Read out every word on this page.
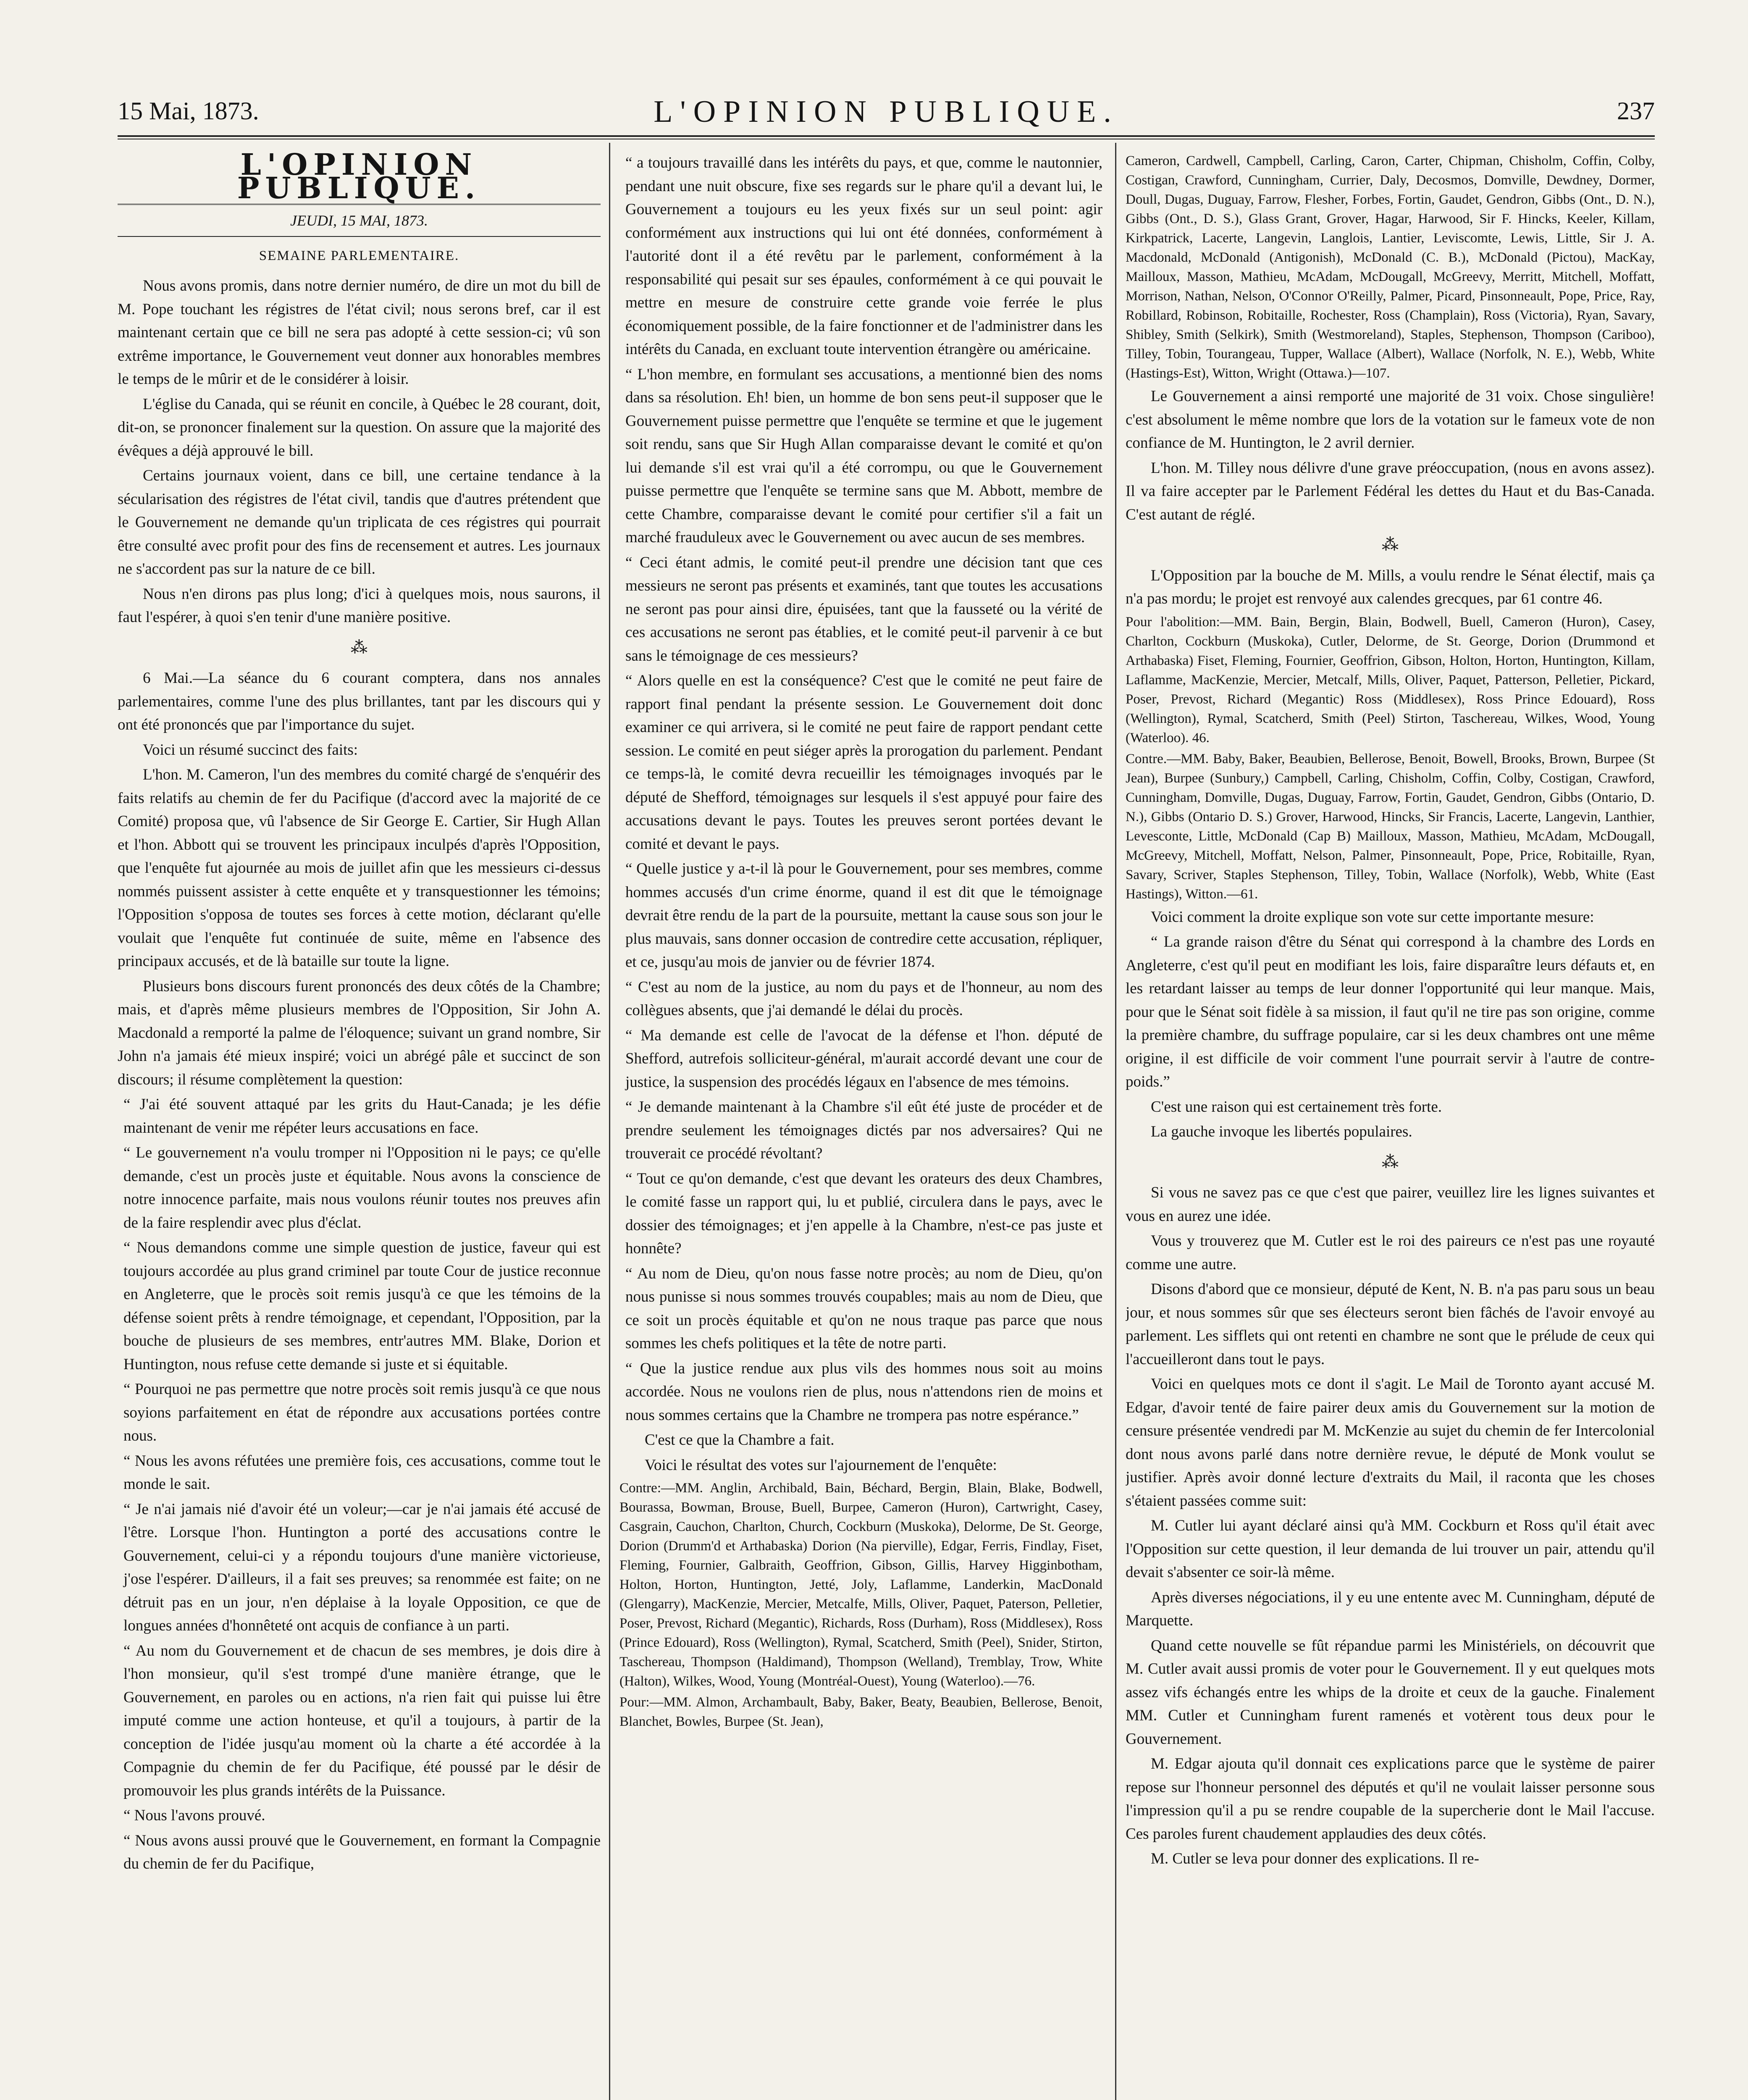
15 Mai, 1873.	L'OPINION PUBLIQUE.	237
L'OPINION PUBLIQUE.
JEUDI, 15 MAI, 1873.
SEMAINE PARLEMENTAIRE.

Nous avons promis, dans notre dernier numéro, de dire un mot du bill de M. Pope touchant les régistres de l'état civil; nous serons bref, car il est maintenant certain que ce bill ne sera pas adopté à cette session-ci; vû son extrême importance, le Gouvernement veut donner aux honorables membres le temps de le mûrir et de le considérer à loisir.

L'église du Canada, qui se réunit en concile, à Québec le 28 courant, doit, dit-on, se prononcer finalement sur la question. On assure que la majorité des évêques a déjà approuvé le bill.

Certains journaux voient, dans ce bill, une certaine tendance à la sécularisation des régistres de l'état civil, tandis que d'autres prétendent que le Gouvernement ne demande qu'un triplicata de ces régistres qui pourrait être consulté avec profit pour des fins de recensement et autres. Les journaux ne s'accordent pas sur la nature de ce bill.

Nous n'en dirons pas plus long; d'ici à quelques mois, nous saurons, il faut l'espérer, à quoi s'en tenir d'une manière positive.

⁂

6 Mai.—La séance du 6 courant comptera, dans nos annales parlementaires, comme l'une des plus brillantes, tant par les discours qui y ont été prononcés que par l'importance du sujet.

Voici un résumé succinct des faits:

L'hon. M. Cameron, l'un des membres du comité chargé de s'enquérir des faits relatifs au chemin de fer du Pacifique (d'accord avec la majorité de ce Comité) proposa que, vû l'absence de Sir George E. Cartier, Sir Hugh Allan et l'hon. Abbott qui se trouvent les principaux inculpés d'après l'Opposition, que l'enquête fut ajournée au mois de juillet afin que les messieurs ci-dessus nommés puissent assister à cette enquête et y transquestionner les témoins; l'Opposition s'opposa de toutes ses forces à cette motion, déclarant qu'elle voulait que l'enquête fut continuée de suite, même en l'absence des principaux accusés, et de là bataille sur toute la ligne.

Plusieurs bons discours furent prononcés des deux côtés de la Chambre; mais, et d'après même plusieurs membres de l'Opposition, Sir John A. Macdonald a remporté la palme de l'éloquence; suivant un grand nombre, Sir John n'a jamais été mieux inspiré; voici un abrégé pâle et succinct de son discours; il résume complètement la question:

“ J'ai été souvent attaqué par les grits du Haut-Canada; je les défie maintenant de venir me répéter leurs accusations en face.

“ Le gouvernement n'a voulu tromper ni l'Opposition ni le pays; ce qu'elle demande, c'est un procès juste et équitable. Nous avons la conscience de notre innocence parfaite, mais nous voulons réunir toutes nos preuves afin de la faire resplendir avec plus d'éclat.

“ Nous demandons comme une simple question de justice, faveur qui est toujours accordée au plus grand criminel par toute Cour de justice reconnue en Angleterre, que le procès soit remis jusqu'à ce que les témoins de la défense soient prêts à rendre témoignage, et cependant, l'Opposition, par la bouche de plusieurs de ses membres, entr'autres MM. Blake, Dorion et Huntington, nous refuse cette demande si juste et si équitable.

“ Pourquoi ne pas permettre que notre procès soit remis jusqu'à ce que nous soyions parfaitement en état de répondre aux accusations portées contre nous.

“ Nous les avons réfutées une première fois, ces accusations, comme tout le monde le sait.

“ Je n'ai jamais nié d'avoir été un voleur;—car je n'ai jamais été accusé de l'être. Lorsque l'hon. Huntington a porté des accusations contre le Gouvernement, celui-ci y a répondu toujours d'une manière victorieuse, j'ose l'espérer. D'ailleurs, il a fait ses preuves; sa renommée est faite; on ne détruit pas en un jour, n'en déplaise à la loyale Opposition, ce que de longues années d'honnêteté ont acquis de confiance à un parti.

“ Au nom du Gouvernement et de chacun de ses membres, je dois dire à l'hon monsieur, qu'il s'est trompé d'une manière étrange, que le Gouvernement, en paroles ou en actions, n'a rien fait qui puisse lui être imputé comme une action honteuse, et qu'il a toujours, à partir de la conception de l'idée jusqu'au moment où la charte a été accordée à la Compagnie du chemin de fer du Pacifique, été poussé par le désir de promouvoir les plus grands intérêts de la Puissance.

“ Nous l'avons prouvé.

“ Nous avons aussi prouvé que le Gouvernement, en formant la Compagnie du chemin de fer du Pacifique,

“ a toujours travaillé dans les intérêts du pays, et que, comme le nautonnier, pendant une nuit obscure, fixe ses regards sur le phare qu'il a devant lui, le Gouvernement a toujours eu les yeux fixés sur un seul point: agir conformément aux instructions qui lui ont été données, conformément à l'autorité dont il a été revêtu par le parlement, conformément à la responsabilité qui pesait sur ses épaules, conformément à ce qui pouvait le mettre en mesure de construire cette grande voie ferrée le plus économiquement possible, de la faire fonctionner et de l'administrer dans les intérêts du Canada, en excluant toute intervention étrangère ou américaine.

“ L'hon membre, en formulant ses accusations, a mentionné bien des noms dans sa résolution. Eh! bien, un homme de bon sens peut-il supposer que le Gouvernement puisse permettre que l'enquête se termine et que le jugement soit rendu, sans que Sir Hugh Allan comparaisse devant le comité et qu'on lui demande s'il est vrai qu'il a été corrompu, ou que le Gouvernement puisse permettre que l'enquête se termine sans que M. Abbott, membre de cette Chambre, comparaisse devant le comité pour certifier s'il a fait un marché frauduleux avec le Gouvernement ou avec aucun de ses membres.

“ Ceci étant admis, le comité peut-il prendre une décision tant que ces messieurs ne seront pas présents et examinés, tant que toutes les accusations ne seront pas pour ainsi dire, épuisées, tant que la fausseté ou la vérité de ces accusations ne seront pas établies, et le comité peut-il parvenir à ce but sans le témoignage de ces messieurs?

“ Alors quelle en est la conséquence? C'est que le comité ne peut faire de rapport final pendant la présente session. Le Gouvernement doit donc examiner ce qui arrivera, si le comité ne peut faire de rapport pendant cette session. Le comité en peut siéger après la prorogation du parlement. Pendant ce temps-là, le comité devra recueillir les témoignages invoqués par le député de Shefford, témoignages sur lesquels il s'est appuyé pour faire des accusations devant le pays. Toutes les preuves seront portées devant le comité et devant le pays.

“ Quelle justice y a-t-il là pour le Gouvernement, pour ses membres, comme hommes accusés d'un crime énorme, quand il est dit que le témoignage devrait être rendu de la part de la poursuite, mettant la cause sous son jour le plus mauvais, sans donner occasion de contredire cette accusation, répliquer, et ce, jusqu'au mois de janvier ou de février 1874.

“ C'est au nom de la justice, au nom du pays et de l'honneur, au nom des collègues absents, que j'ai demandé le délai du procès.

“ Ma demande est celle de l'avocat de la défense et l'hon. député de Shefford, autrefois solliciteur-général, m'aurait accordé devant une cour de justice, la suspension des procédés légaux en l'absence de mes témoins.

“ Je demande maintenant à la Chambre s'il eût été juste de procéder et de prendre seulement les témoignages dictés par nos adversaires? Qui ne trouverait ce procédé révoltant?

“ Tout ce qu'on demande, c'est que devant les orateurs des deux Chambres, le comité fasse un rapport qui, lu et publié, circulera dans le pays, avec le dossier des témoignages; et j'en appelle à la Chambre, n'est-ce pas juste et honnête?

“ Au nom de Dieu, qu'on nous fasse notre procès; au nom de Dieu, qu'on nous punisse si nous sommes trouvés coupables; mais au nom de Dieu, que ce soit un procès équitable et qu'on ne nous traque pas parce que nous sommes les chefs politiques et la tête de notre parti.

“ Que la justice rendue aux plus vils des hommes nous soit au moins accordée. Nous ne voulons rien de plus, nous n'attendons rien de moins et nous sommes certains que la Chambre ne trompera pas notre espérance.”

C'est ce que la Chambre a fait.

Voici le résultat des votes sur l'ajournement de l'enquête:

Contre:—MM. Anglin, Archibald, Bain, Béchard, Bergin, Blain, Blake, Bodwell, Bourassa, Bowman, Brouse, Buell, Burpee, Cameron (Huron), Cartwright, Casey, Casgrain, Cauchon, Charlton, Church, Cockburn (Muskoka), Delorme, De St. George, Dorion (Drumm'd et Arthabaska) Dorion (Na pierville), Edgar, Ferris, Findlay, Fiset, Fleming, Fournier, Galbraith, Geoffrion, Gibson, Gillis, Harvey Higginbotham, Holton, Horton, Huntington, Jetté, Joly, Laflamme, Landerkin, MacDonald (Glengarry), MacKenzie, Mercier, Metcalfe, Mills, Oliver, Paquet, Paterson, Pelletier, Poser, Prevost, Richard (Megantic), Richards, Ross (Durham), Ross (Middlesex), Ross (Prince Edouard), Ross (Wellington), Rymal, Scatcherd, Smith (Peel), Snider, Stirton, Taschereau, Thompson (Haldimand), Thompson (Welland), Tremblay, Trow, White (Halton), Wilkes, Wood, Young (Montréal-Ouest), Young (Waterloo).—76.

Pour:—MM. Almon, Archambault, Baby, Baker, Beaty, Beaubien, Bellerose, Benoit, Blanchet, Bowles, Burpee (St. Jean),

Cameron, Cardwell, Campbell, Carling, Caron, Carter, Chipman, Chisholm, Coffin, Colby, Costigan, Crawford, Cunningham, Currier, Daly, Decosmos, Domville, Dewdney, Dormer, Doull, Dugas, Duguay, Farrow, Flesher, Forbes, Fortin, Gaudet, Gendron, Gibbs (Ont., D. N.), Gibbs (Ont., D. S.), Glass Grant, Grover, Hagar, Harwood, Sir F. Hincks, Keeler, Killam, Kirkpatrick, Lacerte, Langevin, Langlois, Lantier, Leviscomte, Lewis, Little, Sir J. A. Macdonald, McDonald (Antigonish), McDonald (C. B.), McDonald (Pictou), MacKay, Mailloux, Masson, Mathieu, McAdam, McDougall, McGreevy, Merritt, Mitchell, Moffatt, Morrison, Nathan, Nelson, O'Connor O'Reilly, Palmer, Picard, Pinsonneault, Pope, Price, Ray, Robillard, Robinson, Robitaille, Rochester, Ross (Champlain), Ross (Victoria), Ryan, Savary, Shibley, Smith (Selkirk), Smith (Westmoreland), Staples, Stephenson, Thompson (Cariboo), Tilley, Tobin, Tourangeau, Tupper, Wallace (Albert), Wallace (Norfolk, N. E.), Webb, White (Hastings-Est), Witton, Wright (Ottawa.)—107.

Le Gouvernement a ainsi remporté une majorité de 31 voix. Chose singulière! c'est absolument le même nombre que lors de la votation sur le fameux vote de non confiance de M. Huntington, le 2 avril dernier.

L'hon. M. Tilley nous délivre d'une grave préoccupation, (nous en avons assez). Il va faire accepter par le Parlement Fédéral les dettes du Haut et du Bas-Canada. C'est autant de réglé.

⁂

L'Opposition par la bouche de M. Mills, a voulu rendre le Sénat électif, mais ça n'a pas mordu; le projet est renvoyé aux calendes grecques, par 61 contre 46.

Pour l'abolition:—MM. Bain, Bergin, Blain, Bodwell, Buell, Cameron (Huron), Casey, Charlton, Cockburn (Muskoka), Cutler, Delorme, de St. George, Dorion (Drummond et Arthabaska) Fiset, Fleming, Fournier, Geoffrion, Gibson, Holton, Horton, Huntington, Killam, Laflamme, MacKenzie, Mercier, Metcalf, Mills, Oliver, Paquet, Patterson, Pelletier, Pickard, Poser, Prevost, Richard (Megantic) Ross (Middlesex), Ross Prince Edouard), Ross (Wellington), Rymal, Scatcherd, Smith (Peel) Stirton, Taschereau, Wilkes, Wood, Young (Waterloo). 46.

Contre.—MM. Baby, Baker, Beaubien, Bellerose, Benoit, Bowell, Brooks, Brown, Burpee (St Jean), Burpee (Sunbury,) Campbell, Carling, Chisholm, Coffin, Colby, Costigan, Crawford, Cunningham, Domville, Dugas, Duguay, Farrow, Fortin, Gaudet, Gendron, Gibbs (Ontario, D. N.), Gibbs (Ontario D. S.) Grover, Harwood, Hincks, Sir Francis, Lacerte, Langevin, Lanthier, Levesconte, Little, McDonald (Cap B) Mailloux, Masson, Mathieu, McAdam, McDougall, McGreevy, Mitchell, Moffatt, Nelson, Palmer, Pinsonneault, Pope, Price, Robitaille, Ryan, Savary, Scriver, Staples Stephenson, Tilley, Tobin, Wallace (Norfolk), Webb, White (East Hastings), Witton.—61.

Voici comment la droite explique son vote sur cette importante mesure:

“ La grande raison d'être du Sénat qui correspond à la chambre des Lords en Angleterre, c'est qu'il peut en modifiant les lois, faire disparaître leurs défauts et, en les retardant laisser au temps de leur donner l'opportunité qui leur manque. Mais, pour que le Sénat soit fidèle à sa mission, il faut qu'il ne tire pas son origine, comme la première chambre, du suffrage populaire, car si les deux chambres ont une même origine, il est difficile de voir comment l'une pourrait servir à l'autre de contre-poids.”

C'est une raison qui est certainement très forte.

La gauche invoque les libertés populaires.

⁂

Si vous ne savez pas ce que c'est que pairer, veuillez lire les lignes suivantes et vous en aurez une idée.

Vous y trouverez que M. Cutler est le roi des paireurs ce n'est pas une royauté comme une autre.

Disons d'abord que ce monsieur, député de Kent, N. B. n'a pas paru sous un beau jour, et nous sommes sûr que ses électeurs seront bien fâchés de l'avoir envoyé au parlement. Les sifflets qui ont retenti en chambre ne sont que le prélude de ceux qui l'accueilleront dans tout le pays.

Voici en quelques mots ce dont il s'agit. Le Mail de Toronto ayant accusé M. Edgar, d'avoir tenté de faire pairer deux amis du Gouvernement sur la motion de censure présentée vendredi par M. McKenzie au sujet du chemin de fer Intercolonial dont nous avons parlé dans notre dernière revue, le député de Monk voulut se justifier. Après avoir donné lecture d'extraits du Mail, il raconta que les choses s'étaient passées comme suit:

M. Cutler lui ayant déclaré ainsi qu'à MM. Cockburn et Ross qu'il était avec l'Opposition sur cette question, il leur demanda de lui trouver un pair, attendu qu'il devait s'absenter ce soir-là même.

Après diverses négociations, il y eu une entente avec M. Cunningham, député de Marquette.

Quand cette nouvelle se fût répandue parmi les Ministériels, on découvrit que M. Cutler avait aussi promis de voter pour le Gouvernement. Il y eut quelques mots assez vifs échangés entre les whips de la droite et ceux de la gauche. Finalement MM. Cutler et Cunningham furent ramenés et votèrent tous deux pour le Gouvernement.

M. Edgar ajouta qu'il donnait ces explications parce que le système de pairer repose sur l'honneur personnel des députés et qu'il ne voulait laisser personne sous l'impression qu'il a pu se rendre coupable de la supercherie dont le Mail l'accuse. Ces paroles furent chaudement applaudies des deux côtés.

M. Cutler se leva pour donner des explications. Il re-
